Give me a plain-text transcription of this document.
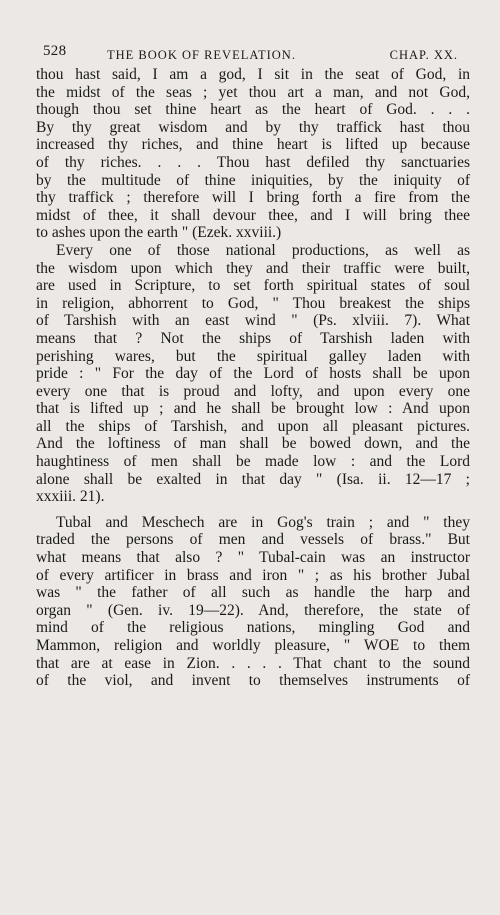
528	THE BOOK OF REVELATION.	CHAP. XX.
thou hast said, I am a god, I sit in the seat of God, in
the midst of the seas ; yet thou art a man, and not God,
though thou set thine heart as the heart of God. . . .
By thy great wisdom and by thy traffick hast thou
increased thy riches, and thine heart is lifted up because
of thy riches. . . . Thou hast defiled thy sanctuaries
by the multitude of thine iniquities, by the iniquity of
thy traffick ; therefore will I bring forth a fire from the
midst of thee, it shall devour thee, and I will bring thee
to ashes upon the earth " (Ezek. xxviii.)
Every one of those national productions, as well as
the wisdom upon which they and their traffic were built,
are used in Scripture, to set forth spiritual states of soul
in religion, abhorrent to God, " Thou breakest the ships
of Tarshish with an east wind " (Ps. xlviii. 7). What
means that ? Not the ships of Tarshish laden with
perishing wares, but the spiritual galley laden with
pride : " For the day of the Lord of hosts shall be upon
every one that is proud and lofty, and upon every one
that is lifted up ; and he shall be brought low : And upon
all the ships of Tarshish, and upon all pleasant pictures.
And the loftiness of man shall be bowed down, and the
haughtiness of men shall be made low : and the Lord
alone shall be exalted in that day " (Isa. ii. 12—17 ;
xxxiii. 21).
Tubal and Meschech are in Gog's train ; and " they
traded the persons of men and vessels of brass." But
what means that also ? " Tubal-cain was an instructor
of every artificer in brass and iron " ; as his brother Jubal
was " the father of all such as handle the harp and
organ " (Gen. iv. 19—22). And, therefore, the state of
mind of the religious nations, mingling God and
Mammon, religion and worldly pleasure, " WOE to them
that are at ease in Zion. . . . . That chant to the sound
of the viol, and invent to themselves instruments of
